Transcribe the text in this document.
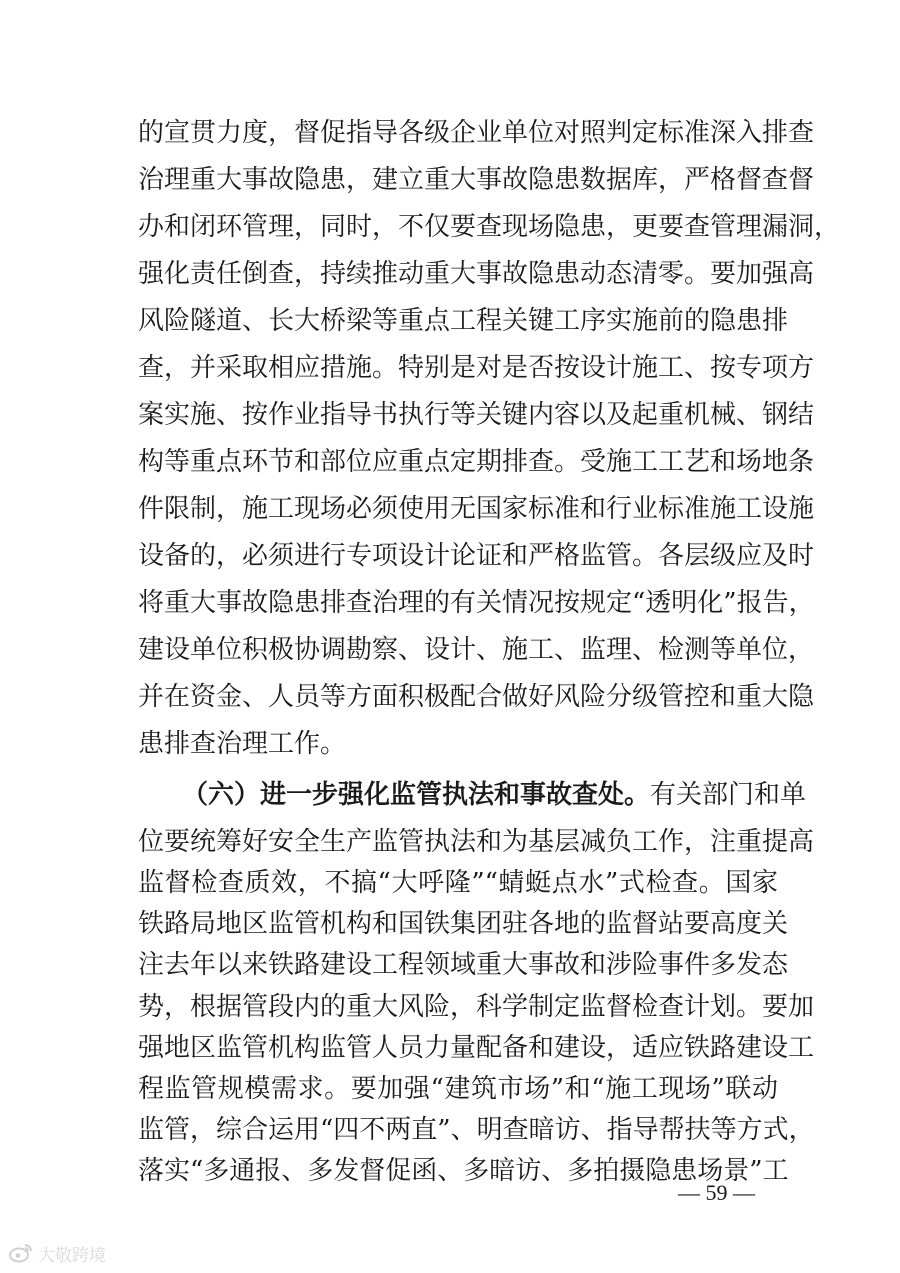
的宣贯力度，督促指导各级企业单位对照判定标准深入排查
治理重大事故隐患，建立重大事故隐患数据库，严格督查督
办和闭环管理，同时，不仅要查现场隐患，更要查管理漏洞，
强化责任倒查，持续推动重大事故隐患动态清零。要加强高
风险隧道、长大桥梁等重点工程关键工序实施前的隐患排
查，并采取相应措施。特别是对是否按设计施工、按专项方
案实施、按作业指导书执行等关键内容以及起重机械、钢结
构等重点环节和部位应重点定期排查。受施工工艺和场地条
件限制，施工现场必须使用无国家标准和行业标准施工设施
设备的，必须进行专项设计论证和严格监管。各层级应及时
将重大事故隐患排查治理的有关情况按规定“透明化”报告，
建设单位积极协调勘察、设计、施工、监理、检测等单位，
并在资金、人员等方面积极配合做好风险分级管控和重大隐
患排查治理工作。
（六）进一步强化监管执法和事故查处。有关部门和单
位要统筹好安全生产监管执法和为基层减负工作，注重提高
监督检查质效，不搞“大呼隆”“蜻蜓点水”式检查。国家
铁路局地区监管机构和国铁集团驻各地的监督站要高度关
注去年以来铁路建设工程领域重大事故和涉险事件多发态
势，根据管段内的重大风险，科学制定监督检查计划。要加
强地区监管机构监管人员力量配备和建设，适应铁路建设工
程监管规模需求。要加强“建筑市场”和“施工现场”联动
监管，综合运用“四不两直”、明查暗访、指导帮扶等方式，
落实“多通报、多发督促函、多暗访、多拍摄隐患场景”工
— 59 —
大敬跨境
